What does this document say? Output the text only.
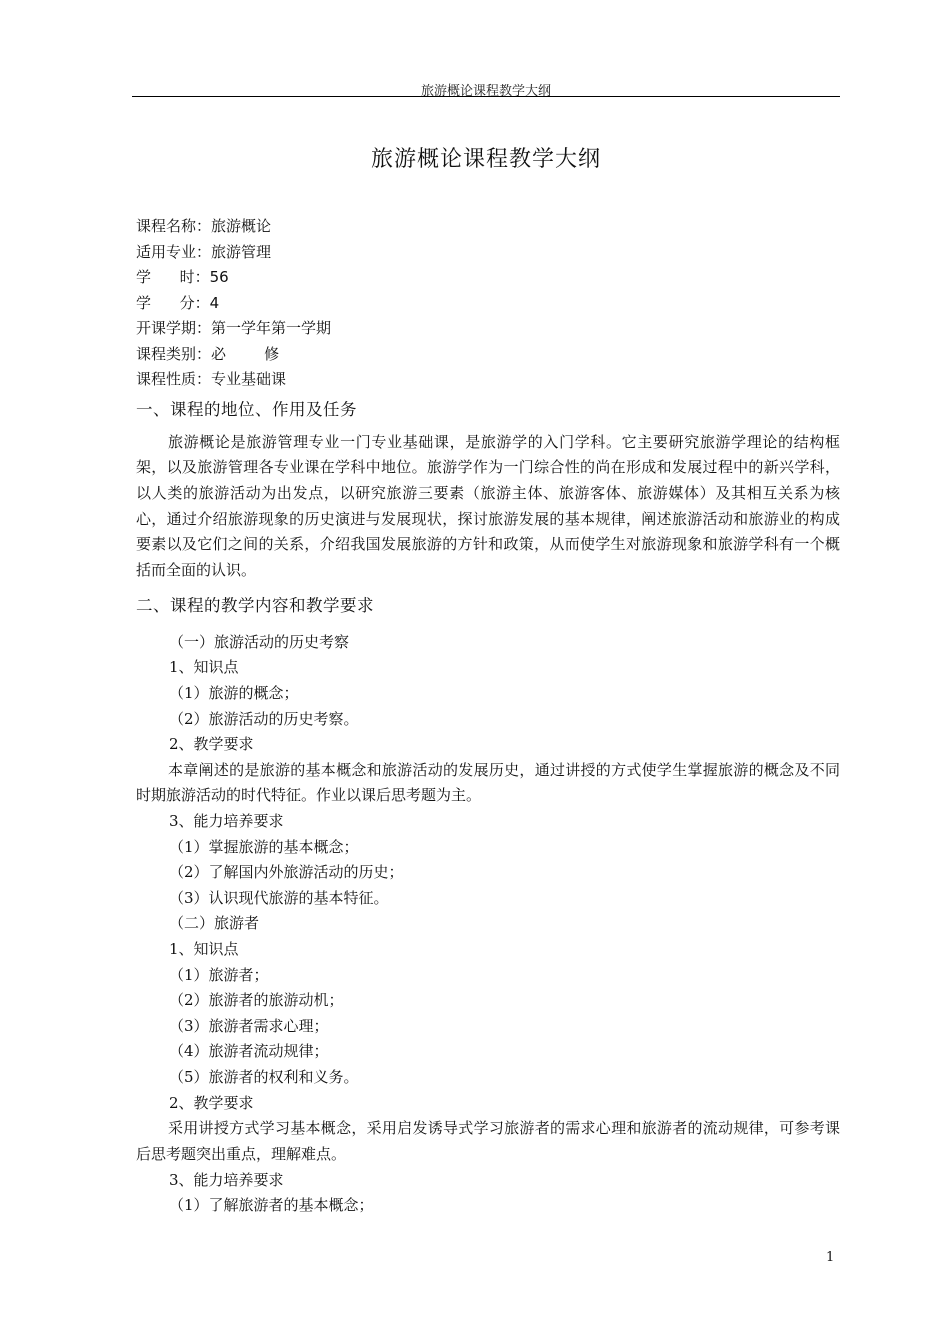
旅游概论课程教学大纲
旅游概论课程教学大纲
课程名称：旅游概论
适用专业：旅游管理
学      时：56
学      分：4
开课学期：第一学年第一学期
课程类别：必        修
课程性质：专业基础课
一、课程的地位、作用及任务

旅游概论是旅游管理专业一门专业基础课，是旅游学的入门学科。它主要研究旅游学理论的结构框架，以及旅游管理各专业课在学科中地位。旅游学作为一门综合性的尚在形成和发展过程中的新兴学科，以人类的旅游活动为出发点，以研究旅游三要素（旅游主体、旅游客体、旅游媒体）及其相互关系为核心，通过介绍旅游现象的历史演进与发展现状，探讨旅游发展的基本规律，阐述旅游活动和旅游业的构成要素以及它们之间的关系，介绍我国发展旅游的方针和政策，从而使学生对旅游现象和旅游学科有一个概括而全面的认识。

二、课程的教学内容和教学要求

（一）旅游活动的历史考察

1、知识点

（1）旅游的概念；

（2）旅游活动的历史考察。

2、教学要求

本章阐述的是旅游的基本概念和旅游活动的发展历史，通过讲授的方式使学生掌握旅游的概念及不同时期旅游活动的时代特征。作业以课后思考题为主。

3、能力培养要求

（1）掌握旅游的基本概念；

（2）了解国内外旅游活动的历史；

（3）认识现代旅游的基本特征。

（二）旅游者

1、知识点

（1）旅游者；

（2）旅游者的旅游动机；

（3）旅游者需求心理；

（4）旅游者流动规律；

（5）旅游者的权利和义务。

2、教学要求

采用讲授方式学习基本概念，采用启发诱导式学习旅游者的需求心理和旅游者的流动规律，可参考课后思考题突出重点，理解难点。

3、能力培养要求

（1）了解旅游者的基本概念；

1
